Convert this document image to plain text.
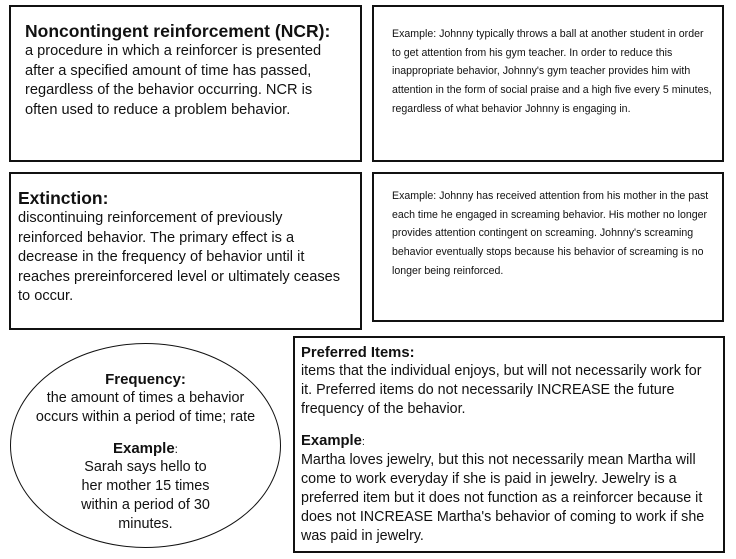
Noncontingent reinforcement (NCR):
a procedure in which a reinforcer is presented after a specified amount of time has passed, regardless of the behavior occurring. NCR is often used to reduce a problem behavior.
Example: Johnny typically throws a ball at another student in order to get attention from his gym teacher. In order to reduce this inappropriate behavior, Johnny's gym teacher provides him with attention in the form of social praise and a high five every 5 minutes, regardless of what behavior Johnny is engaging in.
Extinction:
discontinuing reinforcement of previously reinforced behavior. The primary effect is a decrease in the frequency of behavior until it reaches prereinforcered level or ultimately ceases to occur.
Example: Johnny has received attention from his mother in the past each time he engaged in screaming behavior. His mother no longer provides attention contingent on screaming. Johnny's screaming behavior eventually stops because his behavior of screaming is no longer being reinforced.
Frequency:
the amount of times a behavior occurs within a period of time; rate
Example:
Sarah says hello to her mother 15 times within a period of 30 minutes.
Preferred Items:
items that the individual enjoys, but will not necessarily work for it. Preferred items do not necessarily INCREASE the future frequency of the behavior.
Example:
Martha loves jewelry, but this not necessarily mean Martha will come to work everyday if she is paid in jewelry. Jewelry is a preferred item but it does not function as a reinforcer because it does not INCREASE Martha's behavior of coming to work if she was paid in jewelry.
